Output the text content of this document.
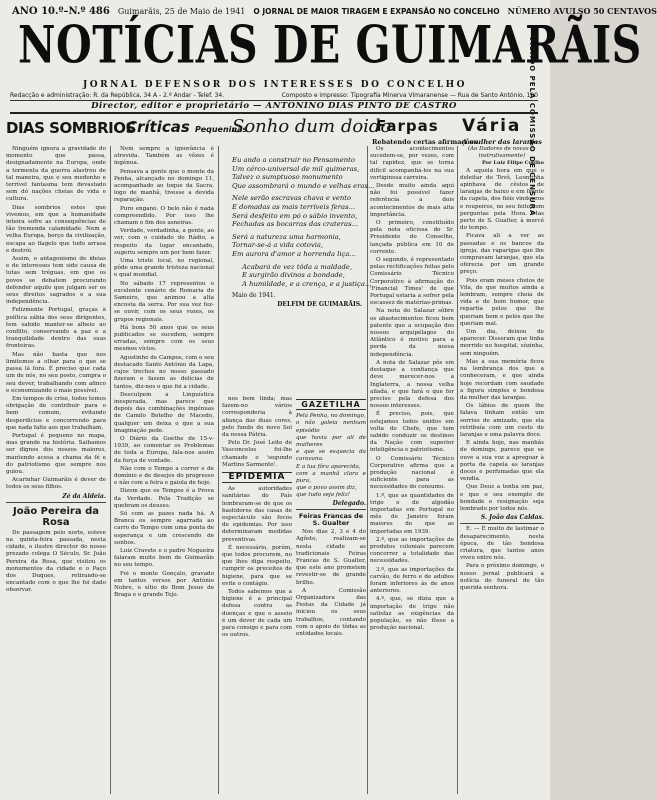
ANO 10.º–N.º 486 Guimarãis, 25 de Maio de 1941 O JORNAL DE MAIOR TIRAGEM E EXPANSÃO NO CONCELHO NÚMERO AVULSO 50 CENTAVOS
NOTÍCIAS DE GUIMARÃIS
VISADO PELA COMISSÃO DE CENSURA
JORNAL DEFENSOR DOS INTERESSES DO CONCELHO
Redacção e administração: R. da República, 34 A - 2.º Andar - Telef. 34.	Composto e impresso: Tipografia Minerva Vimaranense — Rua de Santo António, 100
Director, editor e proprietário — ANTONINO DIAS PINTO DE CASTRO
DIAS SOMBRIOS
Críticas Pequeninas
Sonho dum doido
Farpas Vária
Rebatendo certas afirmações
A mulher das laranjas

Ninguém ignora a gravidade do momento que passa, designadamente na Europa, onde a tormenta da guerra alastrou de tal maneira, que o seu medonho e terrível fantasma tem devastado sem dó nações cheias de vida e cultura.

Dias sombrios estes que vivemos, em que a humanidade inteira sofre as consequências de tão tremenda calamidade. Nem a velha Europa, berço da civilização, escapa ao flagelo que tudo arrasa e destrói.

Assim, o antagonismo de ideias e de interesses tem sido causa de lutas sem tréguas, em que os povos se debatem procurando defender aquilo que julgam ser os seus direitos sagrados e a sua independência.

Felizmente Portugal, graças à política sábia dos seus dirigentes, tem sabido manter-se alheio ao conflito, conservando a paz e a tranquilidade dentro das suas fronteiras.

Mas não basta que nos limitemos a olhar para o que se passa lá fora. É preciso que cada um de nós, no seu posto, cumpra o seu dever, trabalhando com afinco e economizando o mais possível.

Em tempos de crise, todos temos obrigação de contribuir para o bem comum, evitando desperdícios e concorrendo para que nada falte aos que trabalham.

Portugal é pequeno no mapa, mas grande na história. Saibamos ser dignos dos nossos maiores, mantendo acesa a chama da fé e do patriotismo que sempre nos guiou.

Acarinhar Guimarãis é dever de todos os seus filhos.

Zé da Aldeia.
João Pereira da Rosa

De passagem pelo norte, esteve na quinta-feira passada, nesta cidade, o ilustre director do nosso prezado colega O Século, Sr. João Pereira da Rosa, que visitou os monumentos da cidade e o Paço dos Duques, retirando-se encantado com o que lhe foi dado observar.

Nem sempre a ignorância é atrevida. Também as vêzes é ingénua.

Pensava a gente que o monte da Penha, alcançado no domingo 11, acompanhado ao toque da Sacra, logo de manhã, tivesse a devida reparação.

Puro engano. O belo não é nada compreendido. Por isso lhe chamam o fim dos asneiras.

Verdade, verdadinha, a gente, ao ver, com o cuidado do Rádio, a respeito da lugar encantado, sugeriu sempre um por bem fazer.

Uma triste local, no regional, pôde uma grande tristeza nacional e qual mundial.

No sábado 17 representou o excelente cenário de Romaria do Sameiro, que animou a alta encosta da serra. Por sua vez fez-se ouvir, com os seus vozes, os grupos regionais.

Há bons 50 anos que os seus publicados se sucedem, sempre erradas, sempre com os seus mesmos vícios.

Agostinho de Campos, com o seu destacado Santo António da Lapa, cujos trechos no nosso passado fizeram e fazem as delícias de tantos, diz-nos o que foi a cidade.

Desculpem a Linguística inesperada, mas parece que depois das combinações ingénuas de Camilo Botelho de Macedo, qualquer um deixa o que a sua imaginação pede.

O Diário da Goethe de 15-v-1939, ao comentar os Problemas de toda a Europa, fala-nos assim da força de vontade.

Não com o Tempo a correr e de domínio e de desejos do progresso e não com a feira e gaiola de hoje.

Dizem que os Tempos é a Prova da Verdade. Pela Tradição se quebram os deuses.

Só com as pazes nada há. A Branca os sempre agarrada ao carro do Tempo com uma ponta de esperança e um crescendo de sonhos.

Luiz Cravete e o padre Nogueira falaram muito bem de Guimarãis no seu tempo.

Foi o monte Gonçalo, gravado em tantos versos por António Nobre, o sítio do Bom Jesus de Braga e o grande Tejo.

Eu ando a construir no Pensamento
Um cérco-universal de mil quimeras,
Talvez o sumptuoso monumento
Que assombrará o mundo e velhas eras...
Nele serão escravas chava e vento
E domadas as mais terríveis feras...
Será desfeito em pó o sábio invento,
Fechadas as bocarras das crateras...
Será a natureza uma harmonia,
Tornar-se-á a vida cotovia,
Em aurora d'amor a horrenda liça...
Acabará de vez tôda a maldade,
E surgirão divinos a bondade,
A humildade, e a crença, e a justiça...
Maio de 1941.
DELFIM DE GUIMARÃIS.

nos bem linda; mas fazem-no vários corresponderia à aliança das duas cores, pelo fundo do novo Sol da nossa Pátria.

Pelo Dr. José Leite de Vasconcelos foi-lhe chamado o 'segundo Martins Sarmento'.

EPIDEMIA

As autoridades sanitárias do País lembraram-se de que os bastidores das casas de espectáculo são focos de epidemias. Por isso determinaram medidas preventivas.

É necessário, porém, que todos procurem, no que lhes diga respeito, cumprir os preceitos de higiene, para que se evite o contágio.

Todos sabemos que a higiene é a principal defesa contra as doenças e que o asseio é um dever de cada um para consigo e para com os outros.

GAZETILHA
Pela Penha, no domingo,
o não galeia nenhum episódio
que havia por ali de mulheres
e que se esquecia da caravana.
E a lua fôra aparecida,
com a manhã clara e pura,
que o povo assim diz,
que tudo seja feliz!
Delegado.
Feiras Francas de S. Gualter

Nos dias 2, 3 e 4 do Agôsto, realizam-se nesta cidade as tradicionais Feiras Francas de S. Gualter, que este ano prometem revestir-se de grande brilho.

A Comissão Organizadora das Festas da Cidade já iniciou os seus trabalhos, contando com o apoio de tôdas as entidades locais.

Os acontecimentos sucedem-se, por vezes, com tal rapidez, que se torna difícil acompanhá-los na sua vertiginosa carreira.

Desde muito ainda aqui não foi possível fazer referência a dois acontecimentos de mais alta importância.

O primeiro, constituído pela nota oficiosa do Sr. Presidente do Conselho, lançada pública em 10 de corrente.

O segundo, é representado pelas rectificações feitas pelo Comissário Técnico Corporativo à afirmação do 'Financial Times' de que Portugal estaria a sofrer pela escassez de matérias-primas.

Na nota do Salazar sôbre os abastecimentos ficou bem patente que a ocupação dos nossos arquipélagos do Atlântico é motivo para a perda da nossa independência.

A nota de Salazar pôs em destaque a confiança que deve merecer-nos a Inglaterra, a nossa velha aliada, e que fará o que for preciso pela defesa dos nossos interesses.

É preciso, pois, que estejamos todos unidos em volta do Chefe, que tem sabido conduzir os destinos da Nação com superior inteligência e patriotismo.

O Comissário Técnico Corporativo afirma que a produção nacional é suficiente para as necessidades do consumo.

1.º, que as quantidades de trigo e de algodão importadas em Portugal no mês de Janeiro foram maiores do que as importadas em 1939.

2.º, que as importações de produtos coloniais parecem concorrer a totalidade das necessidades.

3.º, que as importações de carvão, de ferro e de adubos foram inferiores às de anos anteriores.

4.º, que, se dizia que a importação de trigo não satisfaz as exigências da população, se não fôsse a produção nacional.

(Ao Dadores de novas — instrutivamente)
Por Luiz Filipe Coelho

A aquela hora em que o deleitar do Tevô, Leontinha apinhava de cêstos de laranjas de baixo e em frente da capela, dos fiéis vindouros e roupeiros, no seu feito com perguntas pela Hora. Mas perto de S. Gualter, à mercê do tempo.

Ficava ali a ver as passadas e os bancos da igreja, das raparigas que lhe compravam laranjas, que ela oferecia por um grande preço.

Pois eram meses cheios de Vila, de que muitos ainda a lembram, sempre cheia de vida e de bom humor, que repartia pelos que lhe queriam bem e pelos que lhe queriam mal.

Um dia, deixou de aparecer. Disseram que tinha morrido no hospital, sòzinha, sem ninguém.

Mas a sua memória ficou na lembrança dos que a conheceram, e que ainda hoje recordam com saudade a figura simples e bondosa da mulher das laranjas.

Os lábios de quem lhe falava tinham então um sorriso de amizade, que ela retribuía com um cesto de laranjas e uma palavra doce.

E ainda hoje, nas manhãs de domingo, parece que se ouve a sua voz a apregoar à porta da capela as laranjas doces e perfumadas que ela vendia.

Que Deus a tenha em paz, e que o seu exemplo de bondade e resignação seja lembrado por todos nós.

S. João das Caldas.

E. — É muito de lastimar o desaparecimento, nesta época, de tão bondosa criatura, que tantos anos viveu entre nós.

Para o próximo domingo, o nosso jornal publicará a notícia do funeral de tão querida senhora.
